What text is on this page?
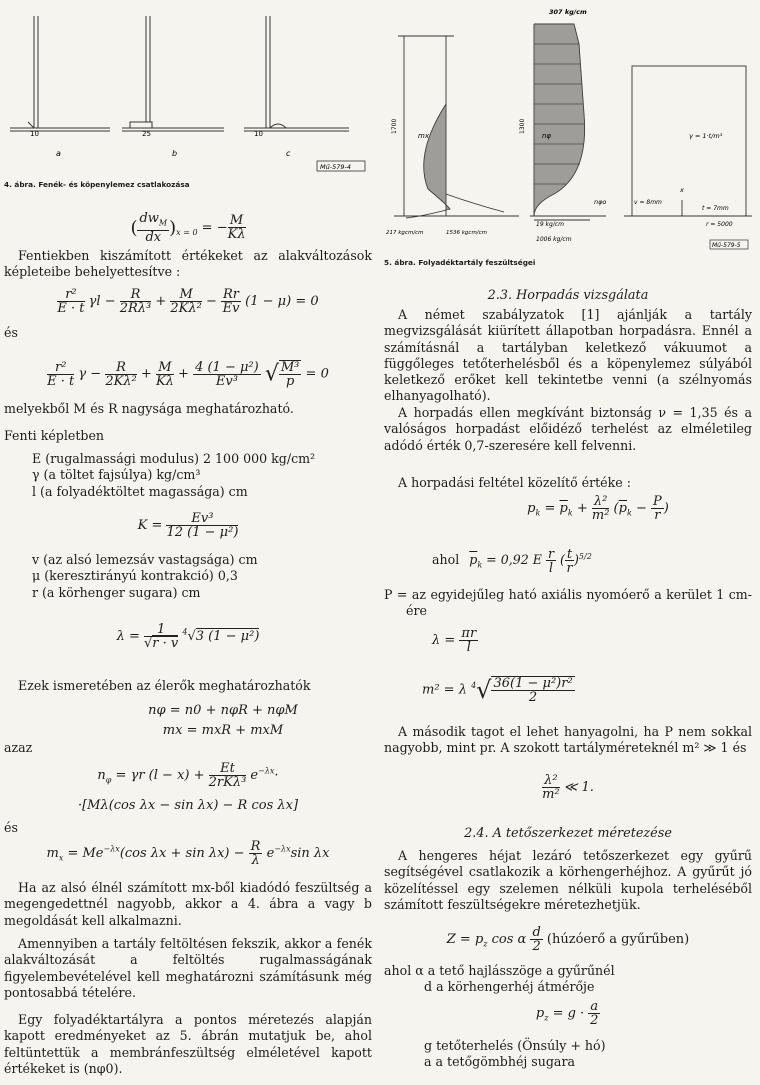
10	25	10
a	b	c
Mű-579-4

4. ábra. Fenék- és köpenylemez csatlakozása

( $dw_M$
dx )$_{x = 0}$ = − $\frac{M}{K\lambda}$

Fentiekben kiszámított értékeket az alakváltozások képleteibe behelyettesítve :

$\frac{\text{r²}}{E \cdot t}$ $\gamma l - \frac{R}{\text{2Rλ³}} + \frac{M}{\text{2Kλ²}} - \frac{Rr}{Ev} (1 - \mu) = 0$

és

$\frac{\text{r²}}{E \cdot t}$ $\gamma - \frac{R}{\text{2Kλ²}} + \frac{M}{K\lambda} + \frac{\text{4 (1 − μ²)}}{\text{Ev³}}$ √ $\frac{\text{M³}}{p} = 0$

melyekből M és R nagysága meghatározható.

Fenti képletben

E (rugalmassági modulus) 2 100 000 kg/cm²

γ (a töltet fajsúlya) kg/cm³

l (a folyadéktöltet magassága) cm

$K = \frac{\text{Ev³}}{\text{12 (1 − μ²)}}$

v (az alsó lemezsáv vastagsága) cm

μ (keresztirányú kontrakció) 0,3

r (a körhenger sugara) cm

$\lambda = \frac{1}{√r \cdot v} ^4√3$ (1 − μ²)

Ezek ismeretében az élerők meghatározhatók

nφ = n0 + nφR + nφM
mx = mxR + mxM

azaz

$n_\varphi = \gamma r$ (l − x) + Et
2rKλ³ $e^{-\lambda x}\cdot$
·[Mλ(cos λx − sin λx) − R cos λx]

és

$m_x = Me^{-\lambda x}(\cos$ $\lambda x + \sin \lambda x) - \frac{R}{\lambda} e^{-\lambda x}\sin$ λx

Ha az alsó élnél számított mx-ből kiadódó feszültség a megengedettnél nagyobb, akkor a 4. ábra a vagy b megoldását kell alkalmazni.

Amennyiben a tartály feltöltésen fekszik, akkor a fenék alakváltozását a feltöltés rugalmasságának figyelembevételével kell meghatározni számításunk még pontosabbá tételére.

Egy folyadéktartályra a pontos méretezés alapján kapott eredményeket az 5. ábrán mutatjuk be, ahol feltüntettük a membránfeszültség elméletével kapott értékeket is (nφ0).

307 kg/cm
1700	1300
mx	nφ
nφo
217 kgcm/cm	1536 kgcm/cm
19 kg/cm
1006 kg/cm
γ = 1·t/m³
v = 8mm
x
t = 7mm
r = 5000
Mű-579-5

5. ábra. Folyadéktartály feszültségei

2.3. Horpadás vizsgálata

A német szabályzatok [1] ajánlják a tartály megvizsgálását kiürített állapotban horpadásra. Ennél a számításnál a tartályban keletkező vákuumot a függőleges tetőterhelésből és a köpenylemez súlyából keletkező erőket kell tekintetbe venni (a szélnyomás elhanyagolható).

A horpadás ellen megkívánt biztonság ν = 1,35 és a valóságos horpadást előidéző terhelést az elméletileg adódó érték 0,7-szeresére kell felvenni.

A horpadási feltétel közelítő értéke :

$p_k = \overline{p}_k + \frac{\text{λ²}}{\text{m²}} (\overline{p}_k - \frac{P}{r}$ )
ahol $\overline{p}_k = 0,92$ E $\frac{r}{l}$ ( $\frac{t}{r} )^{5/2}$

P = az egyidejűleg ható axiális nyomóerő a kerület 1 cm-ére

$\lambda = \frac{\pi r}{l}$
m² = λ $^4√ \frac{\text{36(1 − μ²)r²}}{2}$

A második tagot el lehet hanyagolni, ha P nem sokkal nagyobb, mint pr. A szokott tartályméreteknél m² ≫ 1 és

$\frac{\text{λ²}}{\text{m²}}$ ≪ 1.

2.4. A tetőszerkezet méretezése

A hengeres héjat lezáró tetőszerkezet egy gyűrű segítségével csatlakozik a körhengerhéjhoz. A gyűrűt jó közelítéssel egy szelemen nélküli kupola terheléséből számított feszültségekre méretezhetjük.

$Z = p_z$ cos α $\frac{d}{2}$ (húzóerő a gyűrűben)

ahol α a tető hajlásszöge a gyűrűnél

d a körhengerhéj átmérője

$p_z = g \cdot \frac{a}{2}$

g tetőterhelés (Önsúly + hó)

a a tetőgömbhéj sugara
